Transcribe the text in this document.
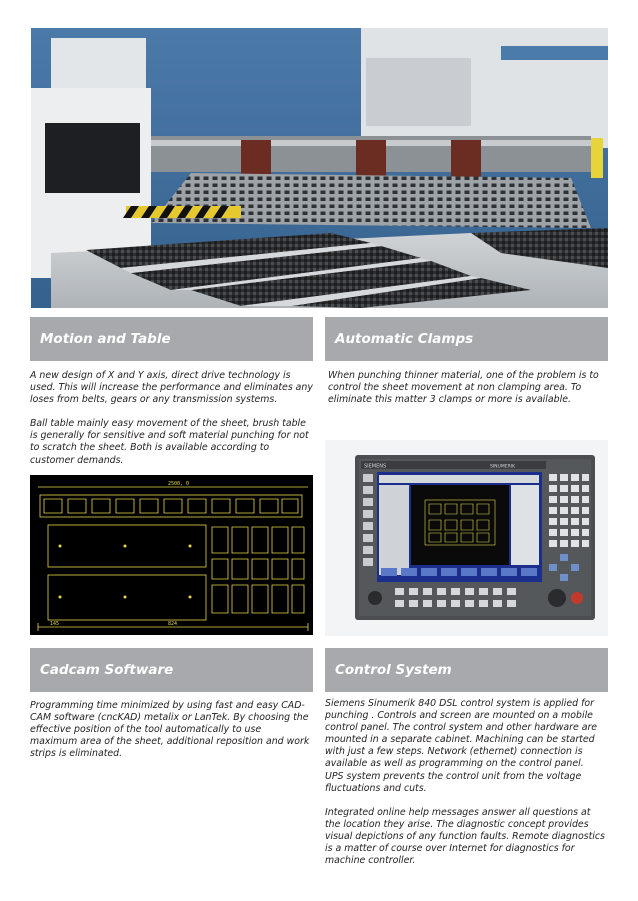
Motion and Table	Automatic Clamps

A new design of X and Y axis, direct drive technology is used. This will increase the performance and eliminates any loses from belts, gears or any transmission systems.

Ball table mainly easy movement of the sheet, brush table is generally for sensitive and soft material punching for not to scratch the sheet. Both is available according to customer demands.

When punching thinner material, one of the problem is to control the sheet movement at non clamping area. To eliminate this matter 3 clamps or more is available.

2500, 0
145	824
SIEMENS	SINUMERIK
Cadcam Software	Control System

Programming time minimized by using fast and easy CAD-CAM software (cncKAD) metalix or LanTek. By choosing the effective position of the tool automatically to use maximum area of the sheet, additional reposition and work strips is eliminated.

Siemens Sinumerik 840 DSL control system is applied for punching . Controls and screen are mounted on a mobile control panel. The control system and other hardware are mounted in a separate cabinet. Machining can be started with just a few steps. Network (ethernet) connection is available as well as programming on the control panel. UPS system prevents the control unit from the voltage fluctuations and cuts.

Integrated online help messages answer all questions at the location they arise. The diagnostic concept provides visual depictions of any function faults. Remote diagnostics is a matter of course over Internet for diagnostics for machine controller.
